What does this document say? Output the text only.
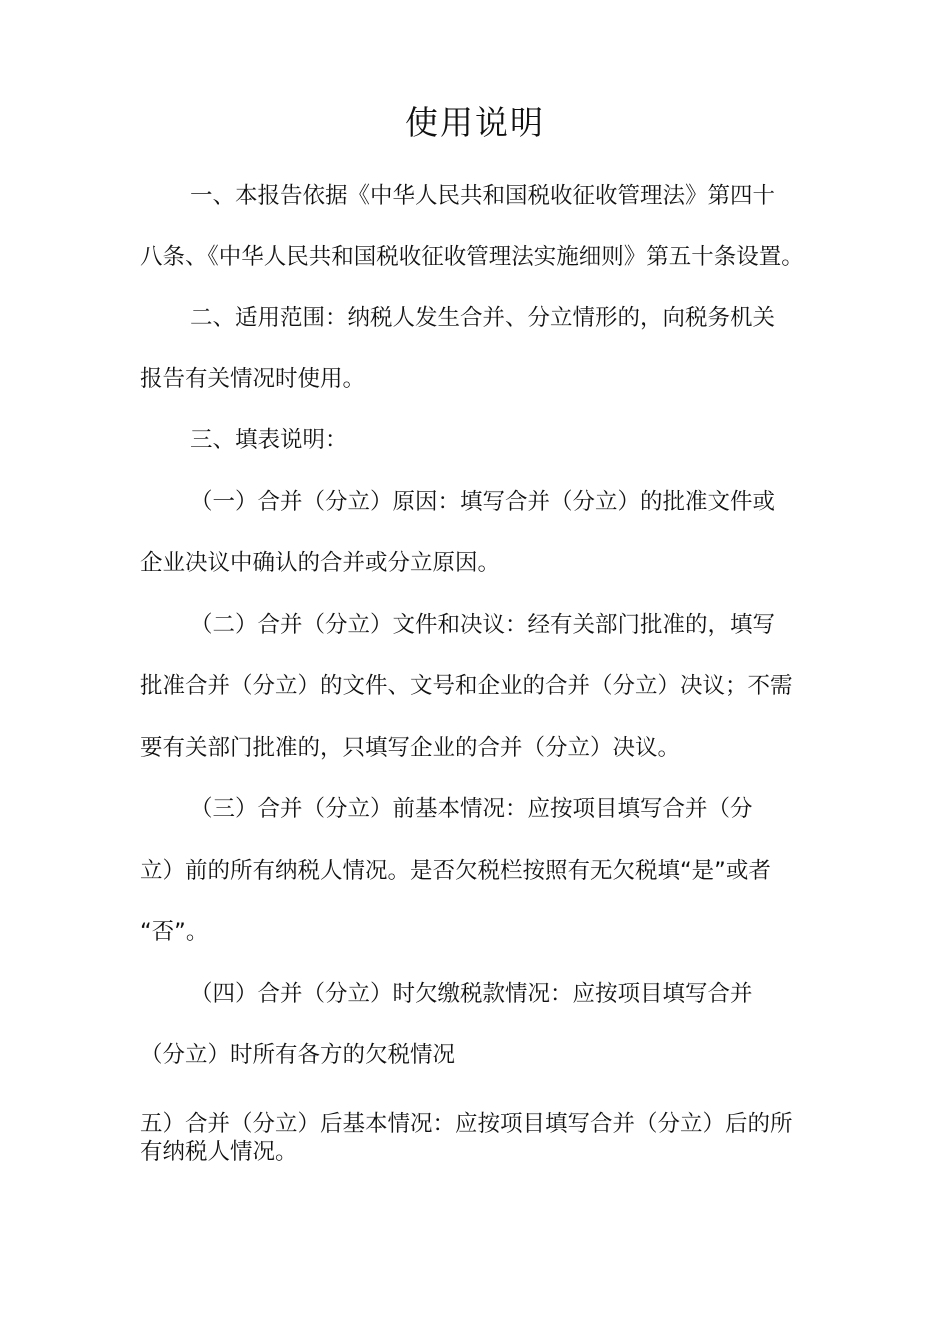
使用说明
一、本报告依据《中华人民共和国税收征收管理法》第四十
八条、《中华人民共和国税收征收管理法实施细则》第五十条设置。
二、适用范围：纳税人发生合并、分立情形的，向税务机关
报告有关情况时使用。
三、填表说明：
（一）合并（分立）原因：填写合并（分立）的批准文件或
企业决议中确认的合并或分立原因。
（二）合并（分立）文件和决议：经有关部门批准的，填写
批准合并（分立）的文件、文号和企业的合并（分立）决议；不需
要有关部门批准的，只填写企业的合并（分立）决议。
（三）合并（分立）前基本情况：应按项目填写合并（分
立）前的所有纳税人情况。是否欠税栏按照有无欠税填“是”或者
“否”。
（四）合并（分立）时欠缴税款情况：应按项目填写合并
（分立）时所有各方的欠税情况
五）合并（分立）后基本情况：应按项目填写合并（分立）后的所
有纳税人情况。
